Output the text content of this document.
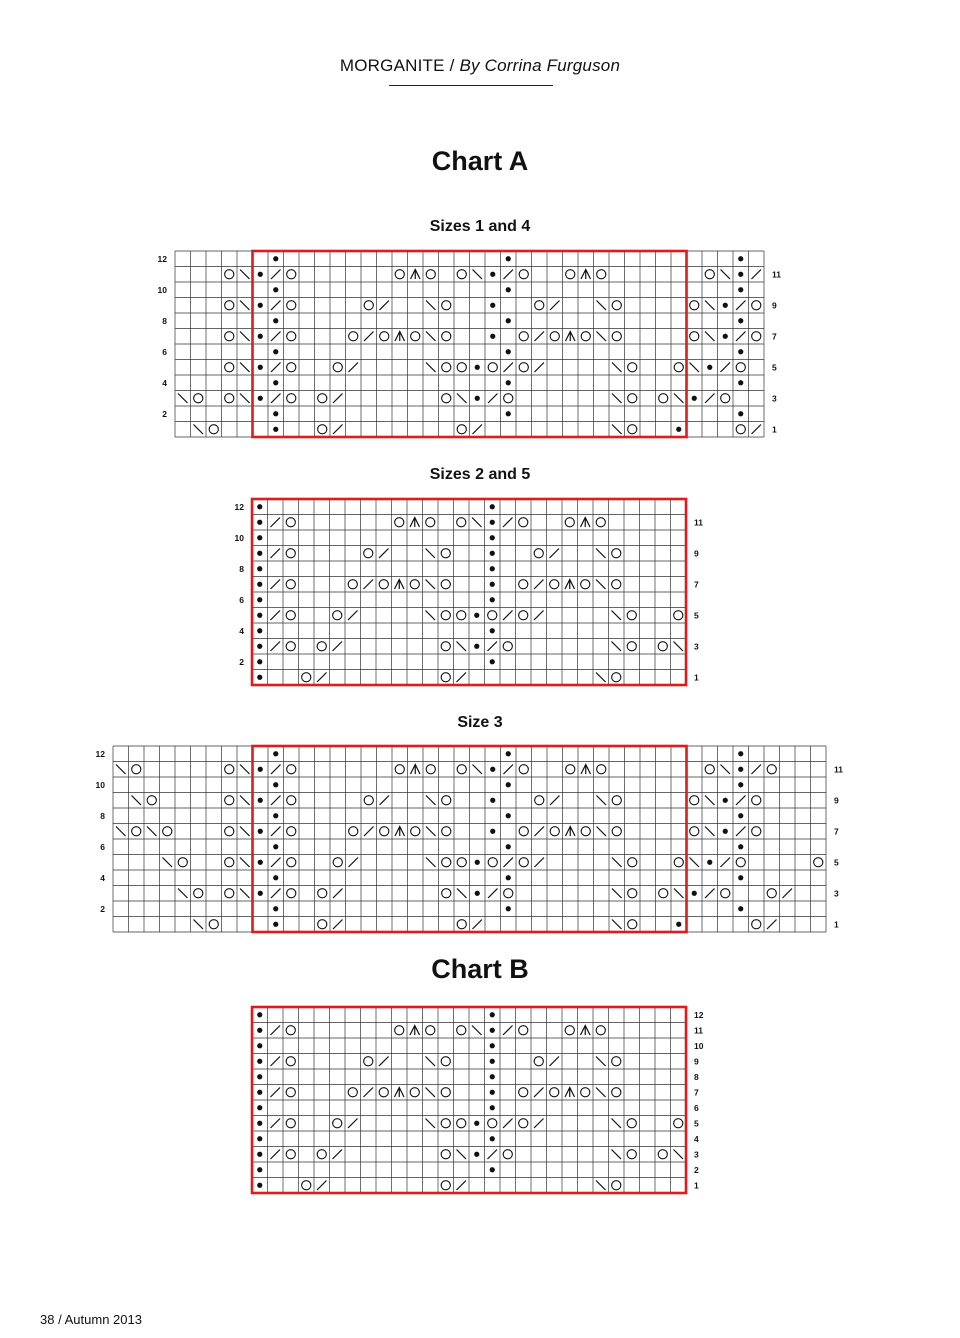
MORGANITE / By Corrina Furguson
Chart A
Sizes 1 and 4
11
9
7
5
3
1
12
10
8
6
4
2
Sizes 2 and 5
11
9
7
5
3
1
12
10
8
6
4
2
Size 3
11
9
7
5
3
1
12
10
8
6
4
2
Chart B
12
11
10
9
8
7
6
5
4
3
2
1
38 / Autumn 2013
